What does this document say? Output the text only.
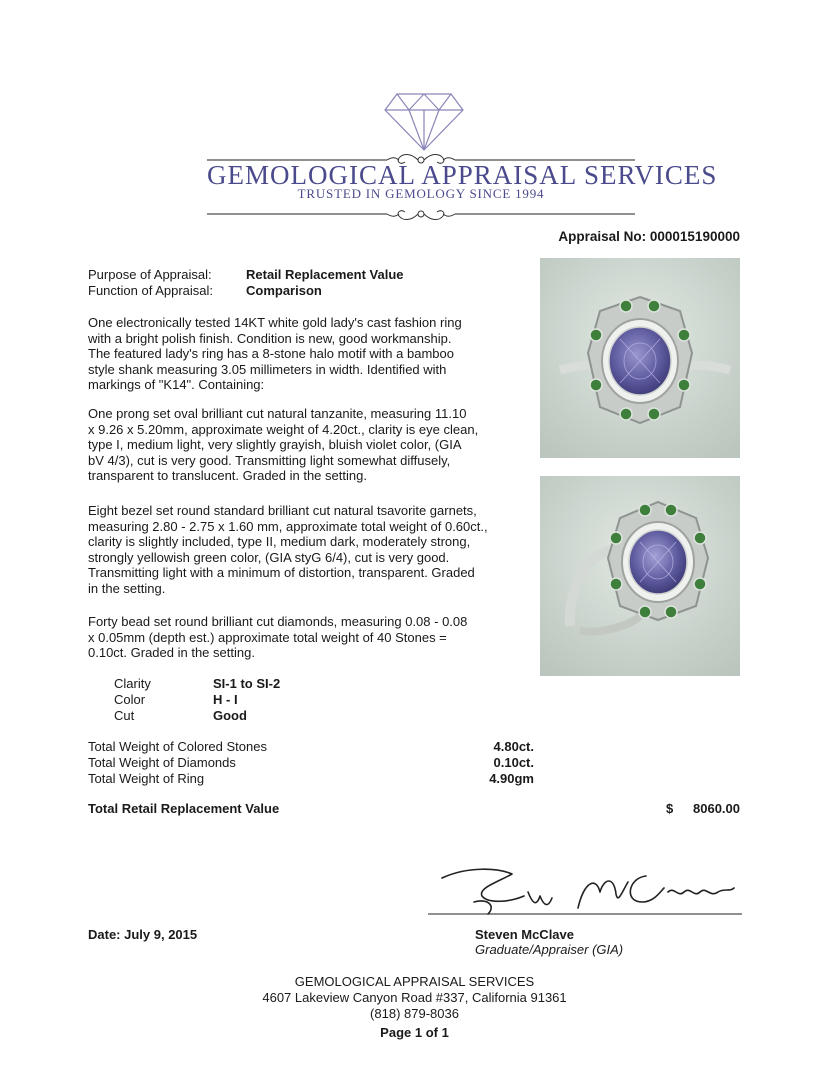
GEMOLOGICAL APPRAISAL SERVICES
TRUSTED IN GEMOLOGY SINCE 1994
Appraisal No: 000015190000
Purpose of Appraisal:	Retail Replacement Value
Function of Appraisal:	Comparison
One electronically tested 14KT white gold lady's cast fashion ring
with a bright polish finish. Condition is new, good workmanship.
The featured lady's ring has a 8-stone halo motif with a bamboo
style shank measuring 3.05 millimeters in width. Identified with
markings of "K14". Containing:
One prong set oval brilliant cut natural tanzanite, measuring 11.10
x 9.26 x 5.20mm, approximate weight of 4.20ct., clarity is eye clean,
type I, medium light, very slightly grayish, bluish violet color, (GIA
bV 4/3), cut is very good. Transmitting light somewhat diffusely,
transparent to translucent. Graded in the setting.
Eight bezel set round standard brilliant cut natural tsavorite garnets,
measuring 2.80 - 2.75 x 1.60 mm, approximate total weight of 0.60ct.,
clarity is slightly included, type II, medium dark, moderately strong,
strongly yellowish green color, (GIA styG 6/4), cut is very good.
Transmitting light with a minimum of distortion, transparent. Graded
in the setting.
Forty bead set round brilliant cut diamonds, measuring 0.08 - 0.08
x 0.05mm (depth est.) approximate total weight of 40 Stones =
0.10ct. Graded in the setting.
Clarity	SI-1 to SI-2
Color	H - I
Cut	Good
Total Weight of Colored Stones	4.80ct.
Total Weight of Diamonds	0.10ct.
Total Weight of Ring	4.90gm
Total Retail Replacement Value	$	8060.00
Date: July 9, 2015	Steven McClave
Graduate/Appraiser (GIA)
GEMOLOGICAL APPRAISAL SERVICES
4607 Lakeview Canyon Road #337, California 91361
(818) 879-8036
Page 1 of 1
